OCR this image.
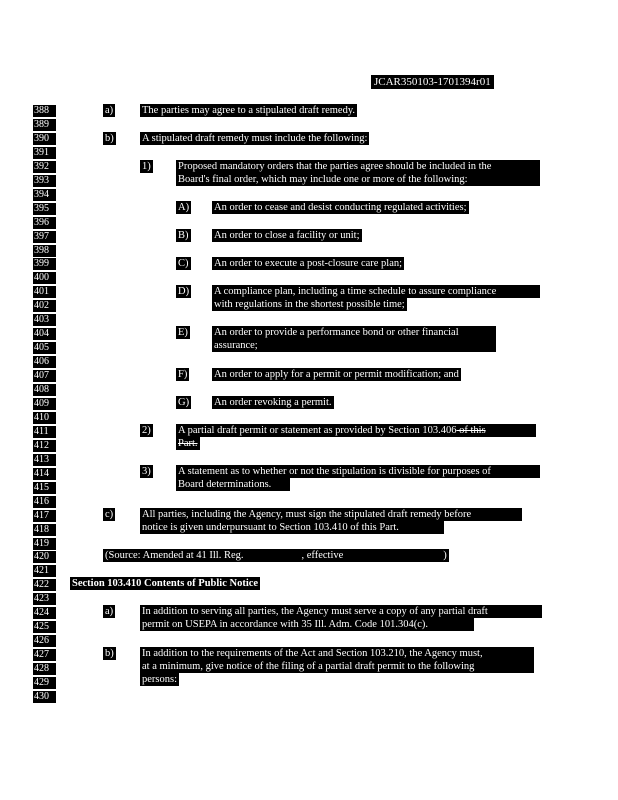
JCAR350103-1701394r01
388
389
390
391
392
393
394
395
396
397
398
399
400
401
402
403
404
405
406
407
408
409
410
411
412
413
414
415
416
417
418
419
420
421
422
423
424
425
426
427
428
429
430
a)	The parties may agree to a stipulated draft remedy.
b)	A stipulated draft remedy must include the following:
1)	Proposed mandatory orders that the parties agree should be included in the
Board's final order, which may include one or more of the following:
A) An order to cease and desist conducting regulated activities;
B) An order to close a facility or unit;
C) An order to execute a post-closure care plan;
D) A compliance plan, including a time schedule to assure compliance
with regulations in the shortest possible time;
E) An order to provide a performance bond or other financial
assurance;
F)	An order to apply for a permit or permit modification; and
G) An order revoking a permit.
2)	A partial draft permit or statement as provided by Section 103.406 of this
Part.
3)	A statement as to whether or not the stipulation is divisible for purposes of
Board determinations.
c)	All parties, including the Agency, must sign the stipulated draft remedy before
notice is given underpursuant to Section 103.410 of this Part.
(Source: Amended at 41 Ill. Reg.	, effective	)
Section 103.410 Contents of Public Notice
a)	In addition to serving all parties, the Agency must serve a copy of any partial draft
permit on USEPA in accordance with 35 Ill. Adm. Code 101.304(c).
b)	In addition to the requirements of the Act and Section 103.210, the Agency must,
at a minimum, give notice of the filing of a partial draft permit to the following
persons:
